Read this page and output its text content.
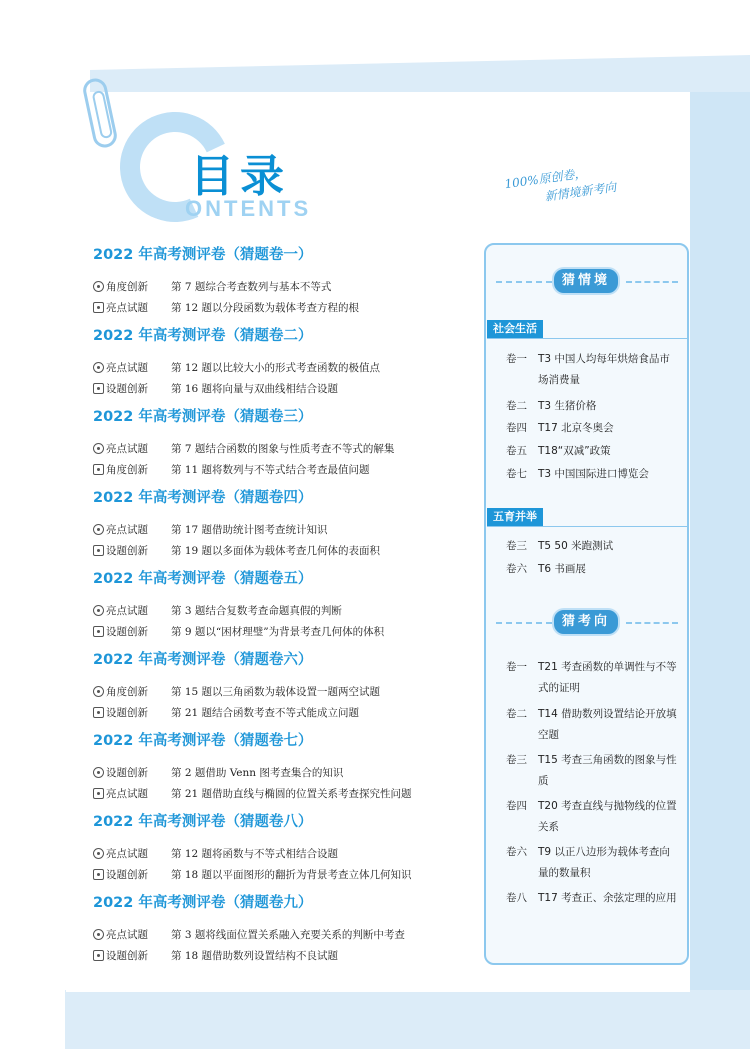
目录
ONTENTS
100%原创卷，
新情境新考向
2022 年高考测评卷（猜题卷一）
角度创新	第 7 题综合考查数列与基本不等式
亮点试题	第 12 题以分段函数为载体考查方程的根
2022 年高考测评卷（猜题卷二）
亮点试题	第 12 题以比较大小的形式考查函数的极值点
设题创新	第 16 题将向量与双曲线相结合设题
2022 年高考测评卷（猜题卷三）
亮点试题	第 7 题结合函数的图象与性质考查不等式的解集
角度创新	第 11 题将数列与不等式结合考查最值问题
2022 年高考测评卷（猜题卷四）
亮点试题	第 17 题借助统计图考查统计知识
设题创新	第 19 题以多面体为载体考查几何体的表面积
2022 年高考测评卷（猜题卷五）
亮点试题	第 3 题结合复数考查命题真假的判断
设题创新	第 9 题以“困材理璧”为背景考查几何体的体积
2022 年高考测评卷（猜题卷六）
角度创新	第 15 题以三角函数为载体设置一题两空试题
设题创新	第 21 题结合函数考查不等式能成立问题
2022 年高考测评卷（猜题卷七）
设题创新	第 2 题借助 Venn 图考查集合的知识
亮点试题	第 21 题借助直线与椭圆的位置关系考查探究性问题
2022 年高考测评卷（猜题卷八）
亮点试题	第 12 题将函数与不等式相结合设题
设题创新	第 18 题以平面图形的翻折为背景考查立体几何知识
2022 年高考测评卷（猜题卷九）
亮点试题	第 3 题将线面位置关系融入充要关系的判断中考查
设题创新	第 18 题借助数列设置结构不良试题
猜情境
社会生活
卷一 T3 中国人均每年烘焙食品市场消费量
卷二 T3 生猪价格
卷四 T17 北京冬奥会
卷五 T18“双减”政策
卷七 T3 中国国际进口博览会
五育并举
卷三 T5 50 米跑测试
卷六 T6 书画展
猜考向
卷一 T21 考查函数的单调性与不等式的证明
卷二 T14 借助数列设置结论开放填空题
卷三 T15 考查三角函数的图象与性质
卷四 T20 考查直线与抛物线的位置关系
卷六 T9 以正八边形为载体考查向量的数量积
卷八 T17 考查正、余弦定理的应用
